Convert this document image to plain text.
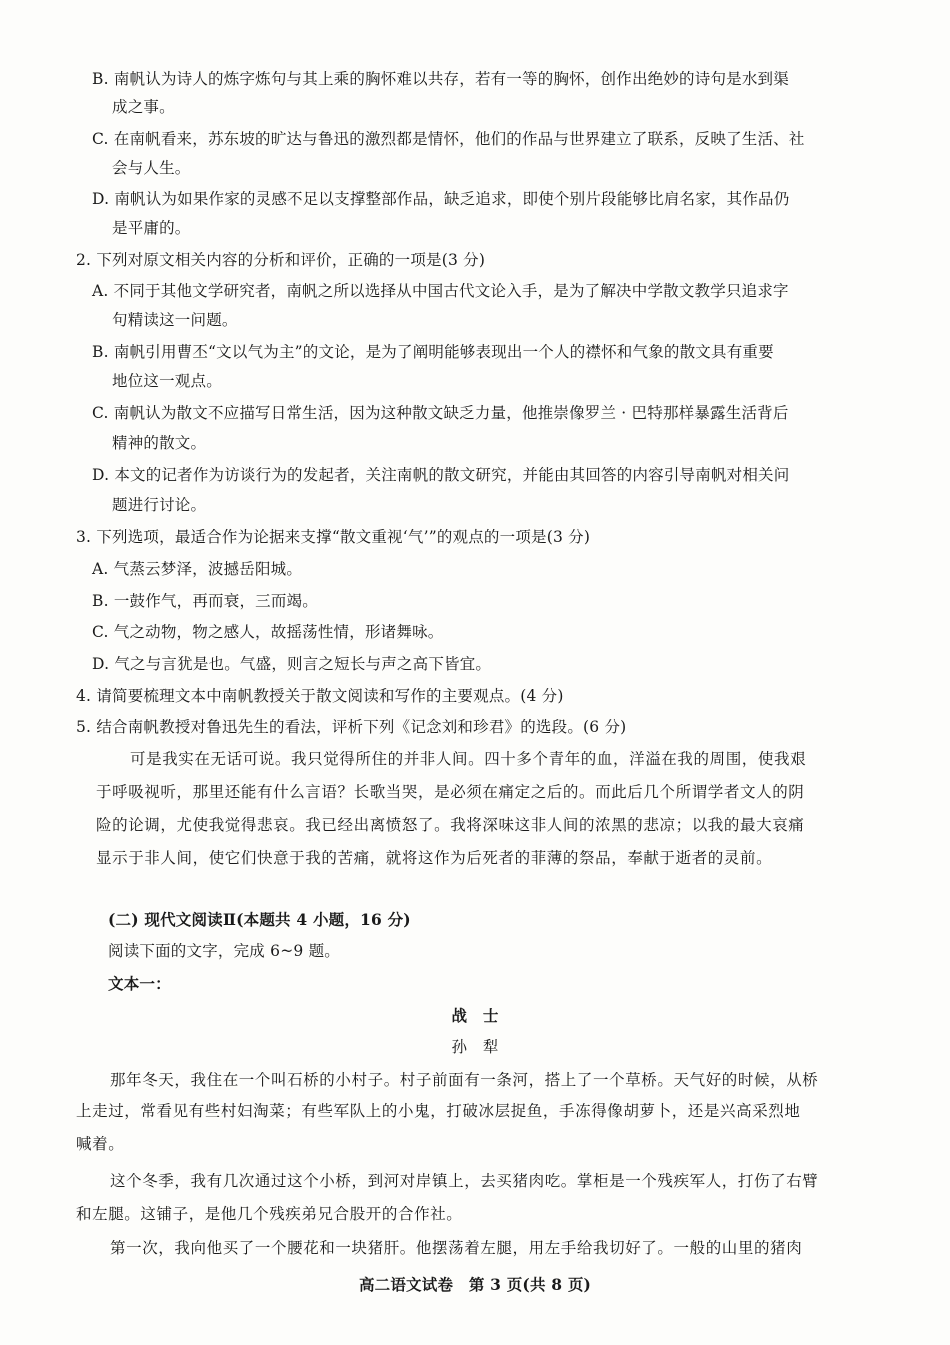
B. 南帆认为诗人的炼字炼句与其上乘的胸怀难以共存，若有一等的胸怀，创作出绝妙的诗句是水到渠
成之事。
C. 在南帆看来，苏东坡的旷达与鲁迅的激烈都是情怀，他们的作品与世界建立了联系，反映了生活、社
会与人生。
D. 南帆认为如果作家的灵感不足以支撑整部作品，缺乏追求，即使个别片段能够比肩名家，其作品仍
是平庸的。
2. 下列对原文相关内容的分析和评价，正确的一项是(3 分)
A. 不同于其他文学研究者，南帆之所以选择从中国古代文论入手，是为了解决中学散文教学只追求字
句精读这一问题。
B. 南帆引用曹丕“文以气为主”的文论，是为了阐明能够表现出一个人的襟怀和气象的散文具有重要
地位这一观点。
C. 南帆认为散文不应描写日常生活，因为这种散文缺乏力量，他推崇像罗兰 · 巴特那样暴露生活背后
精神的散文。
D. 本文的记者作为访谈行为的发起者，关注南帆的散文研究，并能由其回答的内容引导南帆对相关问
题进行讨论。
3. 下列选项，最适合作为论据来支撑“散文重视‘气’”的观点的一项是(3 分)
A. 气蒸云梦泽，波撼岳阳城。
B. 一鼓作气，再而衰，三而竭。
C. 气之动物，物之感人，故摇荡性情，形诸舞咏。
D. 气之与言犹是也。气盛，则言之短长与声之高下皆宜。
4. 请简要梳理文本中南帆教授关于散文阅读和写作的主要观点。(4 分)
5. 结合南帆教授对鲁迅先生的看法，评析下列《记念刘和珍君》的选段。(6 分)
可是我实在无话可说。我只觉得所住的并非人间。四十多个青年的血，洋溢在我的周围，使我艰
于呼吸视听，那里还能有什么言语？长歌当哭，是必须在痛定之后的。而此后几个所谓学者文人的阴
险的论调，尤使我觉得悲哀。我已经出离愤怒了。我将深味这非人间的浓黑的悲凉；以我的最大哀痛
显示于非人间，使它们快意于我的苦痛，就将这作为后死者的菲薄的祭品，奉献于逝者的灵前。
(二) 现代文阅读Ⅱ(本题共 4 小题，16 分)
阅读下面的文字，完成 6~9 题。
文本一：
战　士
孙　犁
那年冬天，我住在一个叫石桥的小村子。村子前面有一条河，搭上了一个草桥。天气好的时候，从桥
上走过，常看见有些村妇淘菜；有些军队上的小鬼，打破冰层捉鱼，手冻得像胡萝卜，还是兴高采烈地
喊着。
这个冬季，我有几次通过这个小桥，到河对岸镇上，去买猪肉吃。掌柜是一个残疾军人，打伤了右臂
和左腿。这铺子，是他几个残疾弟兄合股开的合作社。
第一次，我向他买了一个腰花和一块猪肝。他摆荡着左腿，用左手给我切好了。一般的山里的猪肉
高二语文试卷　第 3 页(共 8 页)
